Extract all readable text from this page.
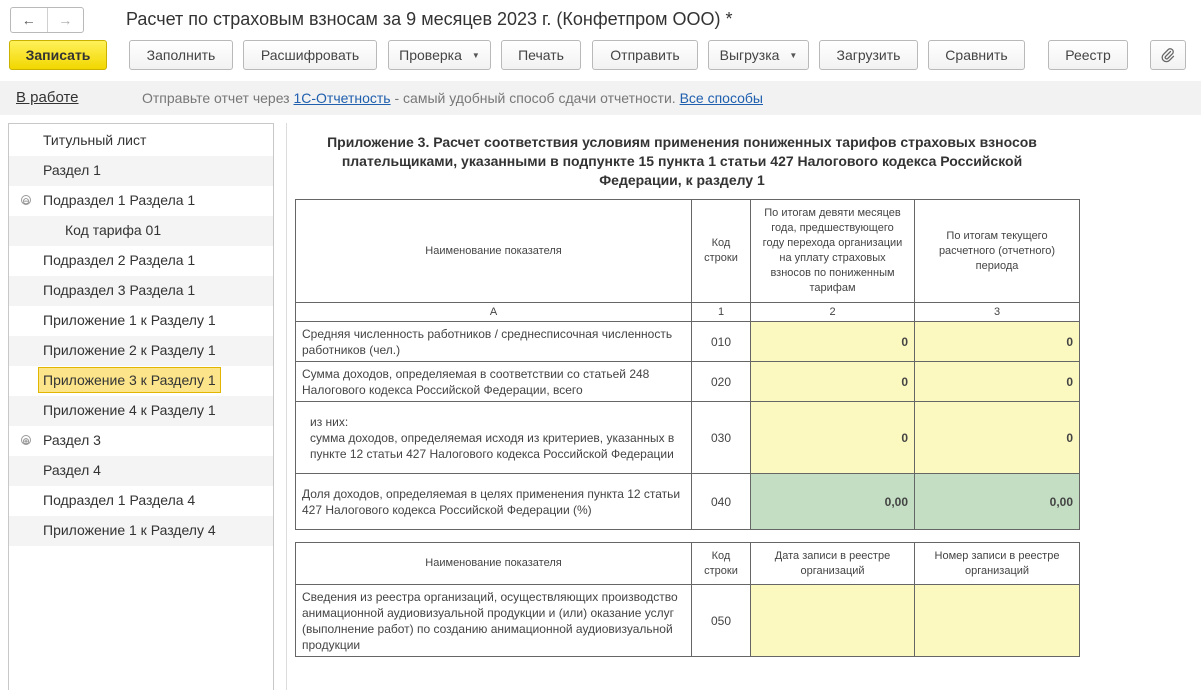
← →	Расчет по страховым взносам за 9 месяцев 2023 г. (Конфетпром ООО) *
Записать	Заполнить	Расшифровать	Проверка ▼	Печать	Отправить	Выгрузка ▼	Загрузить	Сравнить	Реестр
В работе	Отправьте отчет через 1С-Отчетность - самый удобный способ сдачи отчетности. Все способы
Титульный лист
Раздел 1
⊖ Подраздел 1 Раздела 1
Код тарифа 01
Подраздел 2 Раздела 1
Подраздел 3 Раздела 1
Приложение 1 к Разделу 1
Приложение 2 к Разделу 1
Приложение 3 к Разделу 1
Приложение 4 к Разделу 1
⊕ Раздел 3
Раздел 4
Подраздел 1 Раздела 4
Приложение 1 к Разделу 4
Приложение 3. Расчет соответствия условиям применения пониженных тарифов страховых взносов
плательщиками, указанными в подпункте 15 пункта 1 статьи 427 Налогового кодекса Российской
Федерации, к разделу 1
Наименование показателя	Код строки	По итогам девяти месяцев года, предшествующего году перехода организации на уплату страховых взносов по пониженным тарифам	По итогам текущего расчетного (отчетного) периода
А	1	2	3
Средняя численность работников / среднесписочная численность работников (чел.)	010	0	0
Сумма доходов, определяемая в соответствии со статьей 248 Налогового кодекса Российской Федерации, всего	020	0	0

из них:
сумма доходов, определяемая исходя из критериев, указанных в пункте 12 статьи 427 Налогового кодекса Российской Федерации	030	0	0
Доля доходов, определяемая в целях применения пункта 12 статьи 427 Налогового кодекса Российской Федерации (%)	040	0,00	0,00
Наименование показателя	Код строки	Дата записи в реестре организаций	Номер записи в реестре организаций
Сведения из реестра организаций, осуществляющих производство анимационной аудиовизуальной продукции и (или) оказание услуг (выполнение работ) по созданию анимационной аудиовизуальной продукции	050		
